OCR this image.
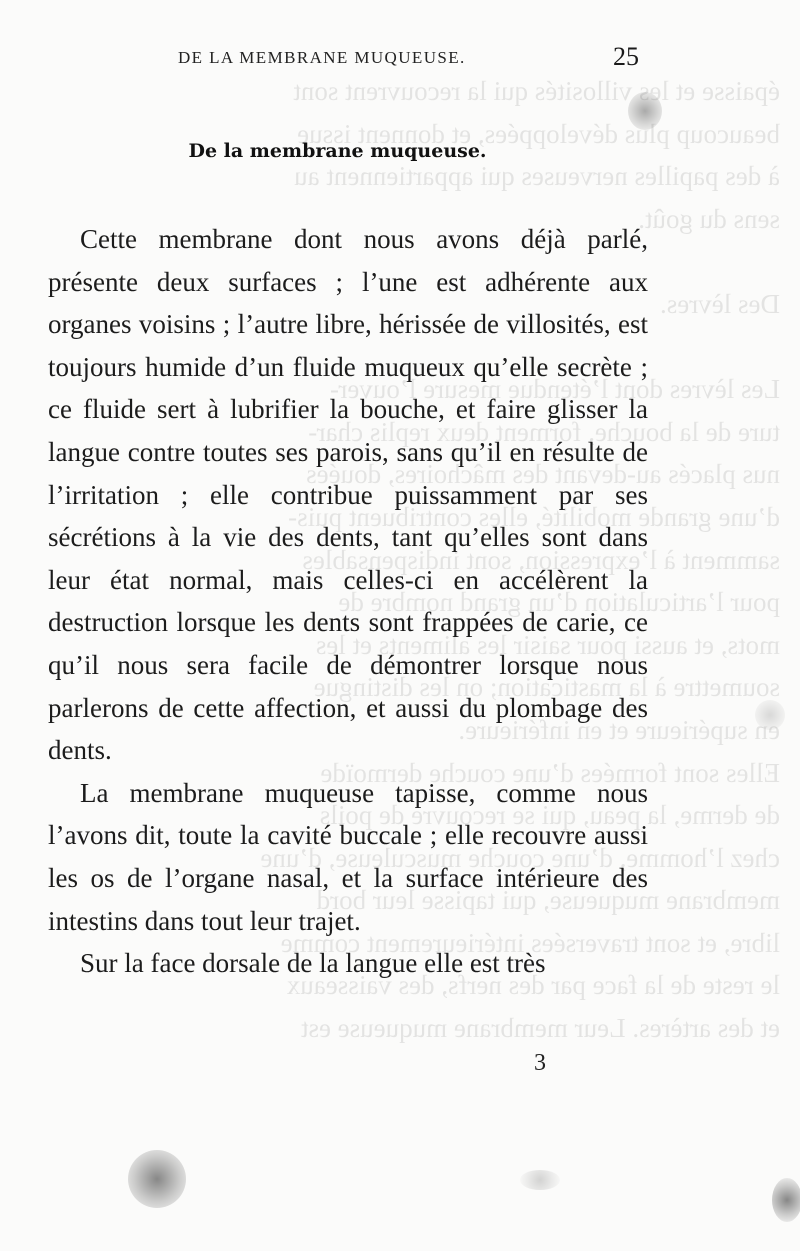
épaisse et les villosités qui la recouvrent sont
beaucoup plus développées, et donnent issue
à des papilles nerveuses qui appartiennent au
sens du goût.

Des lèvres.

Les lèvres dont l’étendue mesure l’ouver-
ture de la bouche, forment deux replis char-
nus placés au-devant des mâchoires, douées
d’une grande mobilité, elles contribuent puis-
samment à l’expression, sont indispensables
pour l’articulation d’un grand nombre de
mots, et aussi pour saisir les aliments et les
soumettre à la mastication; on les distingue
en supérieure et en inférieure.
Elles sont formées d’une couche dermoïde
de derme, la peau, qui se recouvre de poils
chez l’homme, d’une couche musculeuse, d’une
membrane muqueuse, qui tapisse leur bord
libre, et sont traversées intérieurement comme
le reste de la face par des nerfs, des vaisseaux
et des artères. Leur membrane muqueuse est
DE LA MEMBRANE MUQUEUSE.	25
De la membrane muqueuse.

Cette membrane dont nous avons déjà parlé, présente deux surfaces ; l’une est adhérente aux organes voisins ; l’autre libre, hérissée de villosités, est toujours humide d’un fluide muqueux qu’elle secrète ; ce fluide sert à lubrifier la bouche, et faire glisser la langue contre toutes ses parois, sans qu’il en résulte de l’irritation ; elle contribue puissamment par ses sécrétions à la vie des dents, tant qu’elles sont dans leur état normal, mais celles-ci en accélèrent la destruction lorsque les dents sont frappées de carie, ce qu’il nous sera facile de démontrer lorsque nous parlerons de cette affection, et aussi du plombage des dents.

La membrane muqueuse tapisse, comme nous l’avons dit, toute la cavité buccale ; elle recouvre aussi les os de l’organe nasal, et la surface intérieure des intestins dans tout leur trajet.

Sur la face dorsale de la langue elle est très

3
